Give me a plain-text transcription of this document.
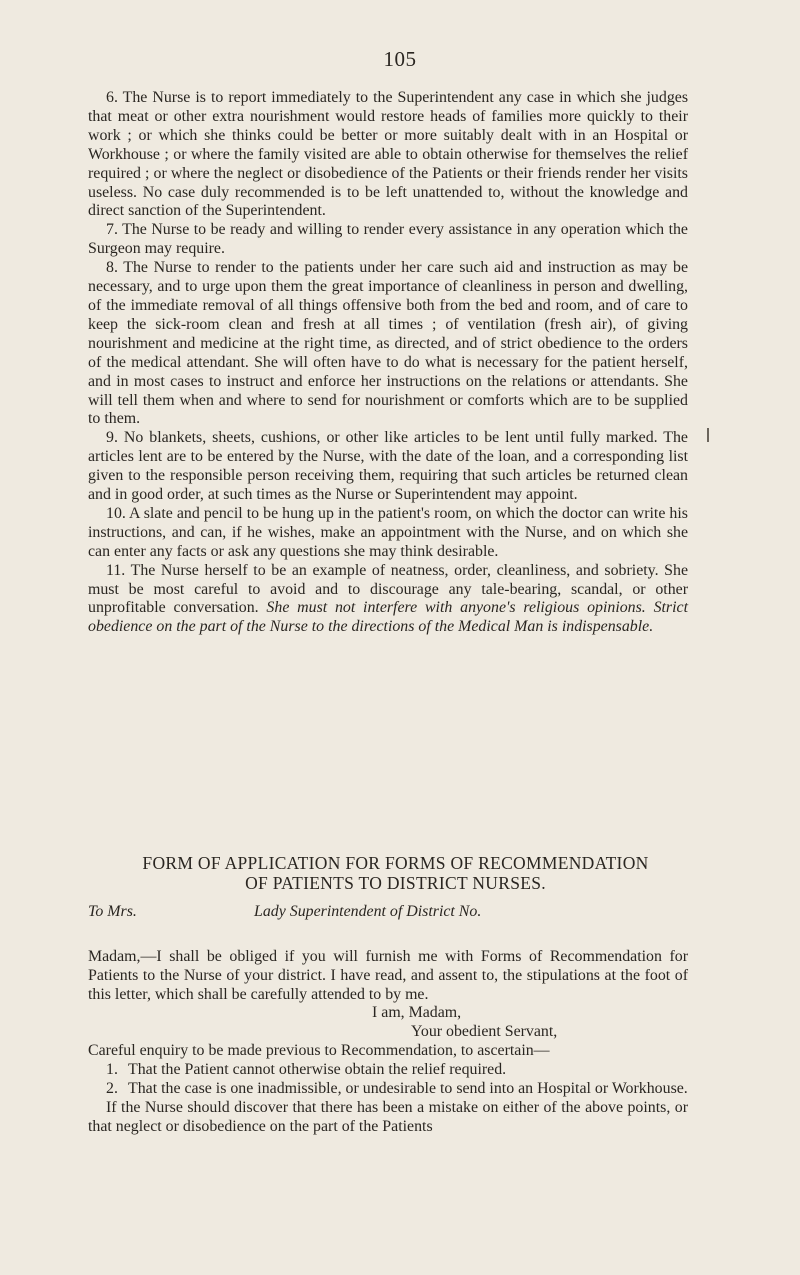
105

6. The Nurse is to report immediately to the Superintendent any case in which she judges that meat or other extra nourishment would restore heads of families more quickly to their work ; or which she thinks could be better or more suitably dealt with in an Hospital or Workhouse ; or where the family visited are able to obtain otherwise for themselves the relief required ; or where the neglect or disobedience of the Patients or their friends render her visits useless. No case duly recommended is to be left unattended to, without the knowledge and direct sanction of the Superintendent.

7. The Nurse to be ready and willing to render every assistance in any operation which the Surgeon may require.

8. The Nurse to render to the patients under her care such aid and instruction as may be necessary, and to urge upon them the great importance of cleanliness in person and dwelling, of the immediate removal of all things offensive both from the bed and room, and of care to keep the sick-room clean and fresh at all times ; of ventilation (fresh air), of giving nourishment and medicine at the right time, as directed, and of strict obedience to the orders of the medical attendant. She will often have to do what is necessary for the patient herself, and in most cases to instruct and enforce her instructions on the relations or attendants. She will tell them when and where to send for nourishment or comforts which are to be supplied to them.

9. No blankets, sheets, cushions, or other like articles to be lent until fully marked. The articles lent are to be entered by the Nurse, with the date of the loan, and a corresponding list given to the responsible person receiving them, requiring that such articles be returned clean and in good order, at such times as the Nurse or Superintendent may appoint.

10. A slate and pencil to be hung up in the patient's room, on which the doctor can write his instructions, and can, if he wishes, make an appointment with the Nurse, and on which she can enter any facts or ask any questions she may think desirable.

11. The Nurse herself to be an example of neatness, order, cleanliness, and sobriety. She must be most careful to avoid and to discourage any tale-bearing, scandal, or other unprofitable conversation. She must not interfere with anyone's religious opinions. Strict obedience on the part of the Nurse to the directions of the Medical Man is indispensable.

FORM OF APPLICATION FOR FORMS OF RECOMMENDATION
OF PATIENTS TO DISTRICT NURSES.
To Mrs.	Lady Superintendent of District No.

Madam,—I shall be obliged if you will furnish me with Forms of Recommendation for Patients to the Nurse of your district. I have read, and assent to, the stipulations at the foot of this letter, which shall be carefully attended to by me.

I am, Madam,
Your obedient Servant,

Careful enquiry to be made previous to Recommendation, to ascertain—

1. That the Patient cannot otherwise obtain the relief required.
2. That the case is one inadmissible, or undesirable to send into an Hospital or Workhouse.

If the Nurse should discover that there has been a mistake on either of the above points, or that neglect or disobedience on the part of the Patients
